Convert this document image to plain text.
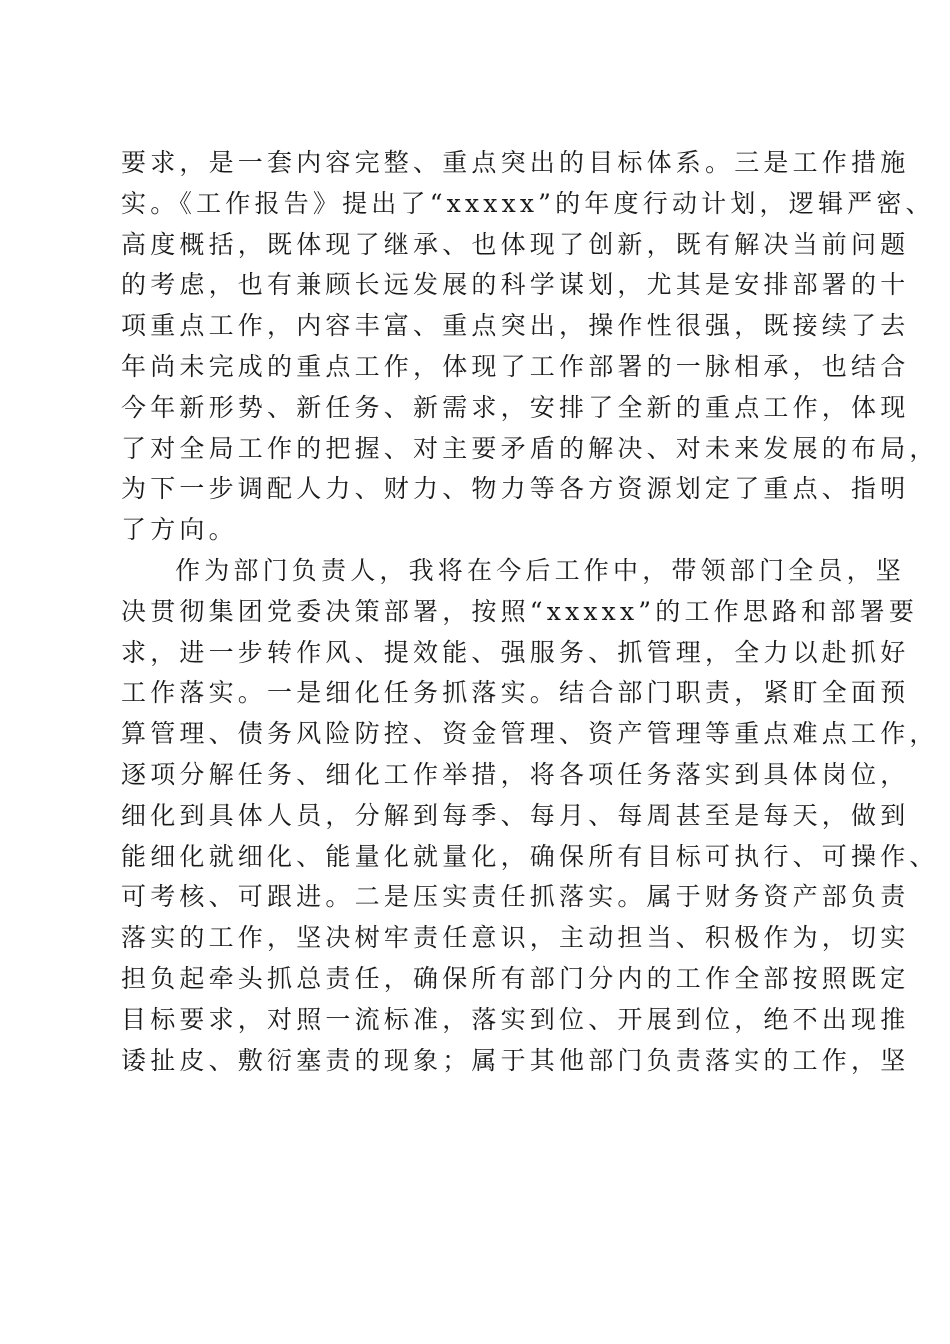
要求，是一套内容完整、重点突出的目标体系。三是工作措施
实。《工作报告》提出了“xxxxx”的年度行动计划，逻辑严密、
高度概括，既体现了继承、也体现了创新，既有解决当前问题
的考虑，也有兼顾长远发展的科学谋划，尤其是安排部署的十
项重点工作，内容丰富、重点突出，操作性很强，既接续了去
年尚未完成的重点工作，体现了工作部署的一脉相承，也结合
今年新形势、新任务、新需求，安排了全新的重点工作，体现
了对全局工作的把握、对主要矛盾的解决、对未来发展的布局，
为下一步调配人力、财力、物力等各方资源划定了重点、指明
了方向。
作为部门负责人，我将在今后工作中，带领部门全员，坚
决贯彻集团党委决策部署，按照“xxxxx”的工作思路和部署要
求，进一步转作风、提效能、强服务、抓管理，全力以赴抓好
工作落实。一是细化任务抓落实。结合部门职责，紧盯全面预
算管理、债务风险防控、资金管理、资产管理等重点难点工作，
逐项分解任务、细化工作举措，将各项任务落实到具体岗位，
细化到具体人员，分解到每季、每月、每周甚至是每天，做到
能细化就细化、能量化就量化，确保所有目标可执行、可操作、
可考核、可跟进。二是压实责任抓落实。属于财务资产部负责
落实的工作，坚决树牢责任意识，主动担当、积极作为，切实
担负起牵头抓总责任，确保所有部门分内的工作全部按照既定
目标要求，对照一流标准，落实到位、开展到位，绝不出现推
诿扯皮、敷衍塞责的现象；属于其他部门负责落实的工作，坚
